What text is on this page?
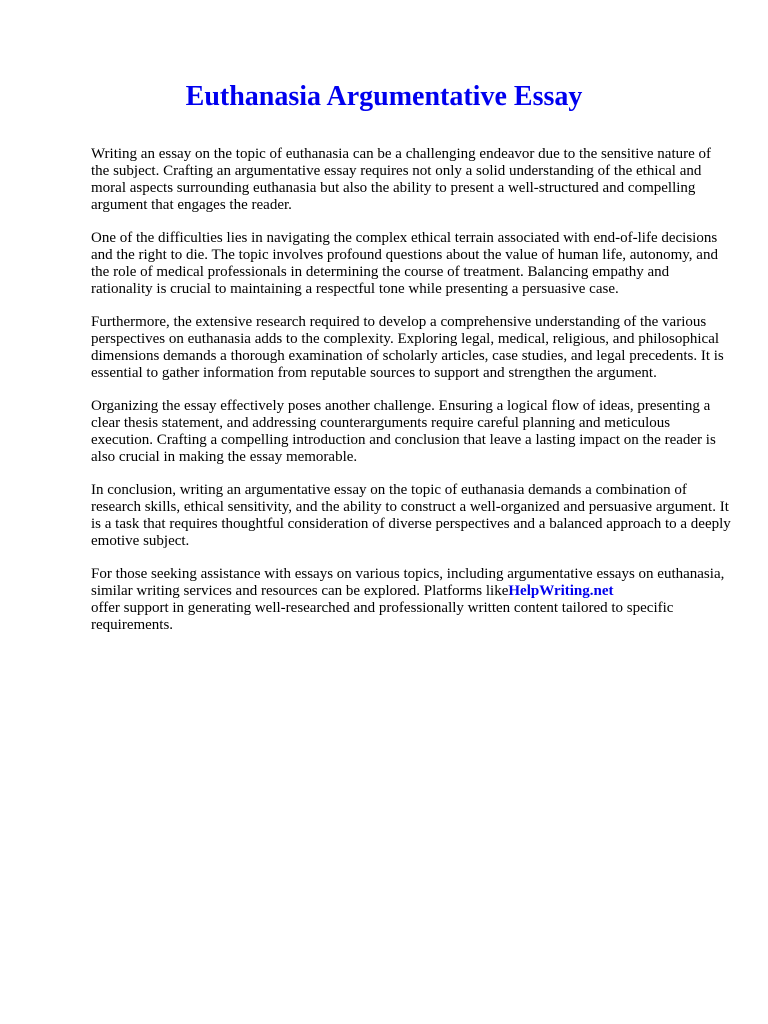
Euthanasia Argumentative Essay

Writing an essay on the topic of euthanasia can be a challenging endeavor due to the sensitive nature of the subject. Crafting an argumentative essay requires not only a solid understanding of the ethical and moral aspects surrounding euthanasia but also the ability to present a well-structured and compelling argument that engages the reader.

One of the difficulties lies in navigating the complex ethical terrain associated with end-of-life decisions and the right to die. The topic involves profound questions about the value of human life, autonomy, and the role of medical professionals in determining the course of treatment. Balancing empathy and rationality is crucial to maintaining a respectful tone while presenting a persuasive case.

Furthermore, the extensive research required to develop a comprehensive understanding of the various perspectives on euthanasia adds to the complexity. Exploring legal, medical, religious, and philosophical dimensions demands a thorough examination of scholarly articles, case studies, and legal precedents. It is essential to gather information from reputable sources to support and strengthen the argument.

Organizing the essay effectively poses another challenge. Ensuring a logical flow of ideas, presenting a clear thesis statement, and addressing counterarguments require careful planning and meticulous execution. Crafting a compelling introduction and conclusion that leave a lasting impact on the reader is also crucial in making the essay memorable.

In conclusion, writing an argumentative essay on the topic of euthanasia demands a combination of research skills, ethical sensitivity, and the ability to construct a well-organized and persuasive argument. It is a task that requires thoughtful consideration of diverse perspectives and a balanced approach to a deeply emotive subject.

For those seeking assistance with essays on various topics, including argumentative essays on euthanasia, similar writing services and resources can be explored. Platforms likeHelpWriting.net
offer support in generating well-researched and professionally written content tailored to specific requirements.
